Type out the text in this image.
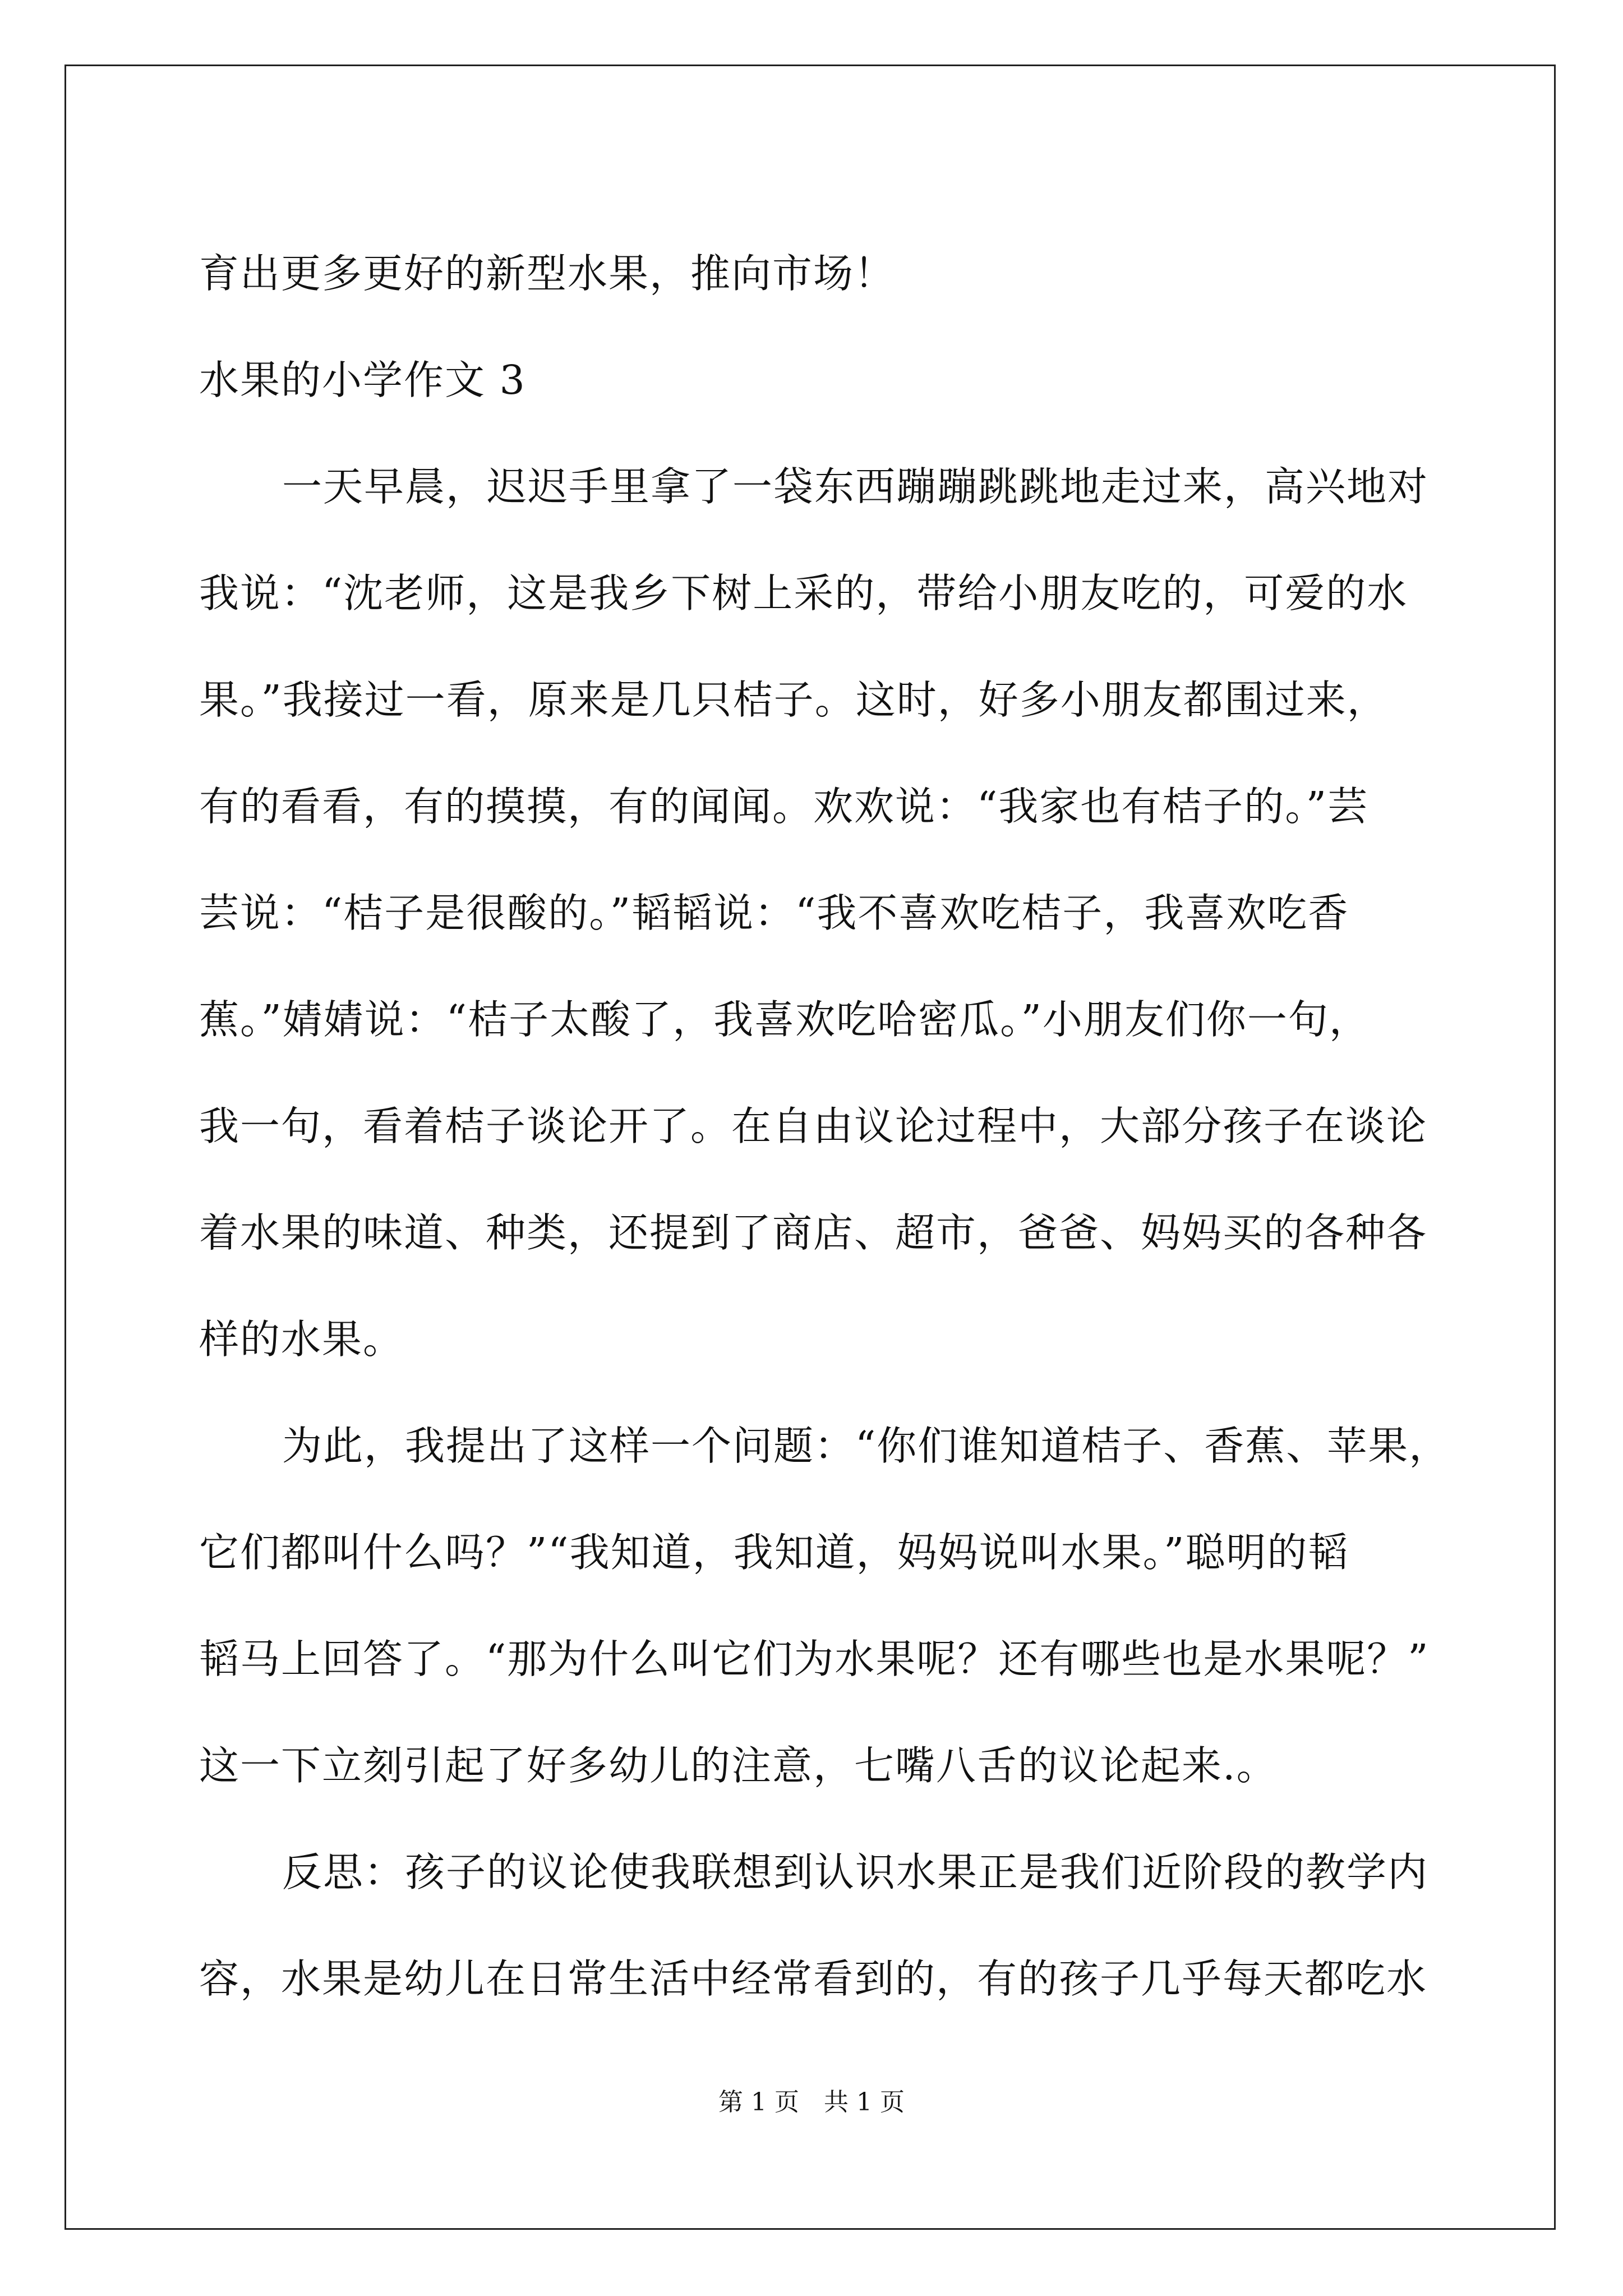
育出更多更好的新型水果，推向市场！
水果的小学作文 3
一天早晨，迟迟手里拿了一袋东西蹦蹦跳跳地走过来，高兴地对
我说：“沈老师，这是我乡下树上采的，带给小朋友吃的，可爱的水
果。”我接过一看，原来是几只桔子。这时，好多小朋友都围过来，
有的看看，有的摸摸，有的闻闻。欢欢说：“我家也有桔子的。”芸
芸说：“桔子是很酸的。”韬韬说：“我不喜欢吃桔子，我喜欢吃香
蕉。”婧婧说：“桔子太酸了，我喜欢吃哈密瓜。”小朋友们你一句，
我一句，看着桔子谈论开了。在自由议论过程中，大部分孩子在谈论
着水果的味道、种类，还提到了商店、超市，爸爸、妈妈买的各种各
样的水果。
为此，我提出了这样一个问题：“你们谁知道桔子、香蕉、苹果，
它们都叫什么吗？”“我知道，我知道，妈妈说叫水果。”聪明的韬
韬马上回答了。“那为什么叫它们为水果呢？还有哪些也是水果呢？”
这一下立刻引起了好多幼儿的注意，七嘴八舌的议论起来.。
反思：孩子的议论使我联想到认识水果正是我们近阶段的教学内
容，水果是幼儿在日常生活中经常看到的，有的孩子几乎每天都吃水
第 1 页　共 1 页
